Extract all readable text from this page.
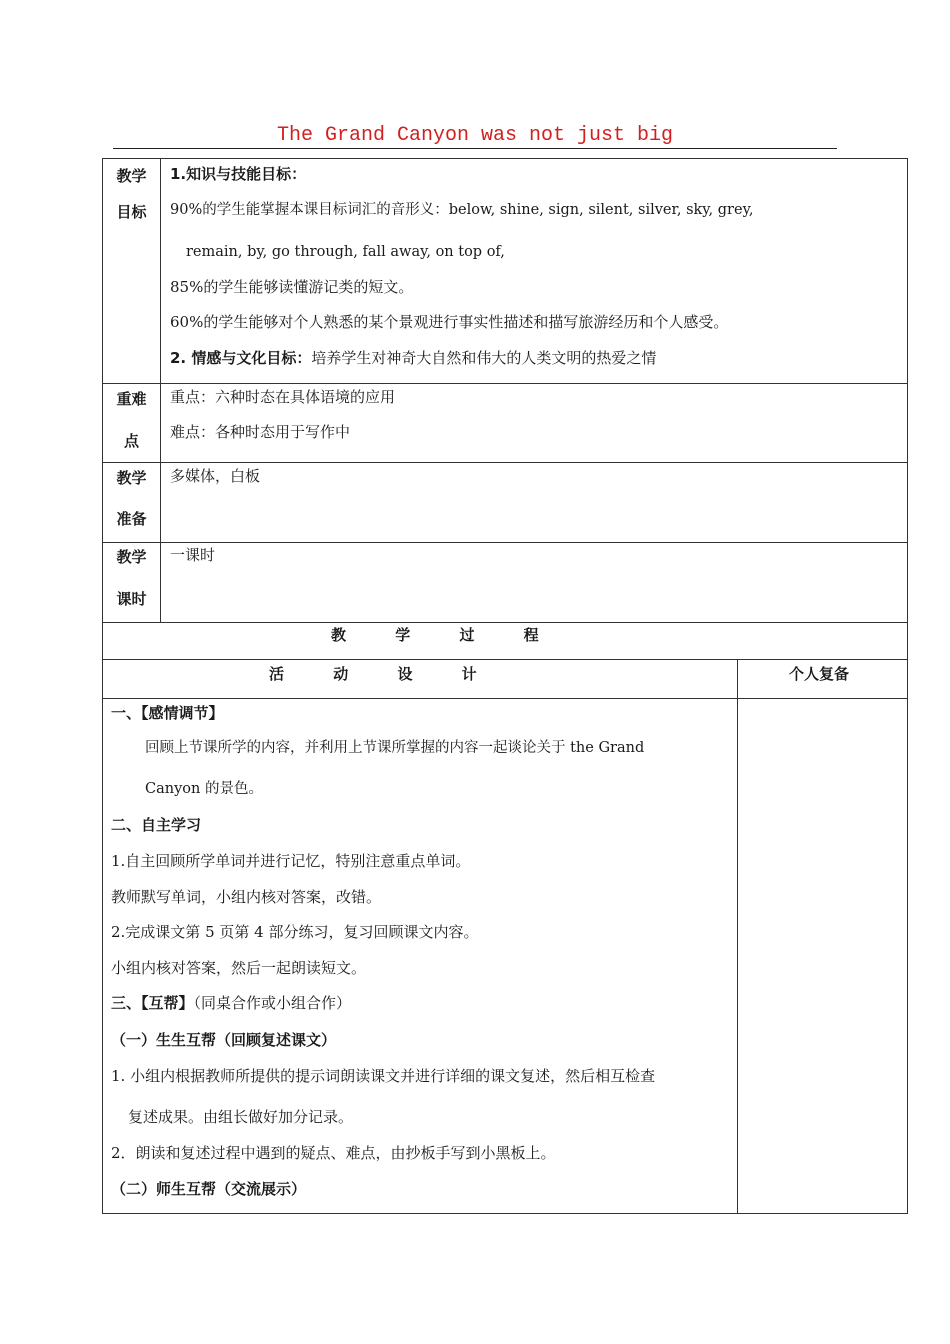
The Grand Canyon was not just big
教学
目标
1.知识与技能目标：
90%的学生能掌握本课目标词汇的音形义：below, shine, sign, silent, silver, sky, grey,
remain, by, go through, fall away, on top of,
85%的学生能够读懂游记类的短文。
60%的学生能够对个人熟悉的某个景观进行事实性描述和描写旅游经历和个人感受。
2. 情感与文化目标：培养学生对神奇大自然和伟大的人类文明的热爱之情
重难
点
重点：六种时态在具体语境的应用
难点：各种时态用于写作中
教学
准备
多媒体，白板
教学
课时
一课时
教 学 过 程
活 动 设 计	个人复备
一、【感情调节】
回顾上节课所学的内容，并利用上节课所掌握的内容一起谈论关于 the Grand
Canyon 的景色。
二、自主学习
1.自主回顾所学单词并进行记忆，特别注意重点单词。
教师默写单词，小组内核对答案，改错。
2.完成课文第 5 页第 4 部分练习，复习回顾课文内容。
小组内核对答案，然后一起朗读短文。
三、【互帮】（同桌合作或小组合作）
（一）生生互帮（回顾复述课文）
1. 小组内根据教师所提供的提示词朗读课文并进行详细的课文复述，然后相互检查
复述成果。由组长做好加分记录。
2．朗读和复述过程中遇到的疑点、难点，由抄板手写到小黑板上。
（二）师生互帮（交流展示）
